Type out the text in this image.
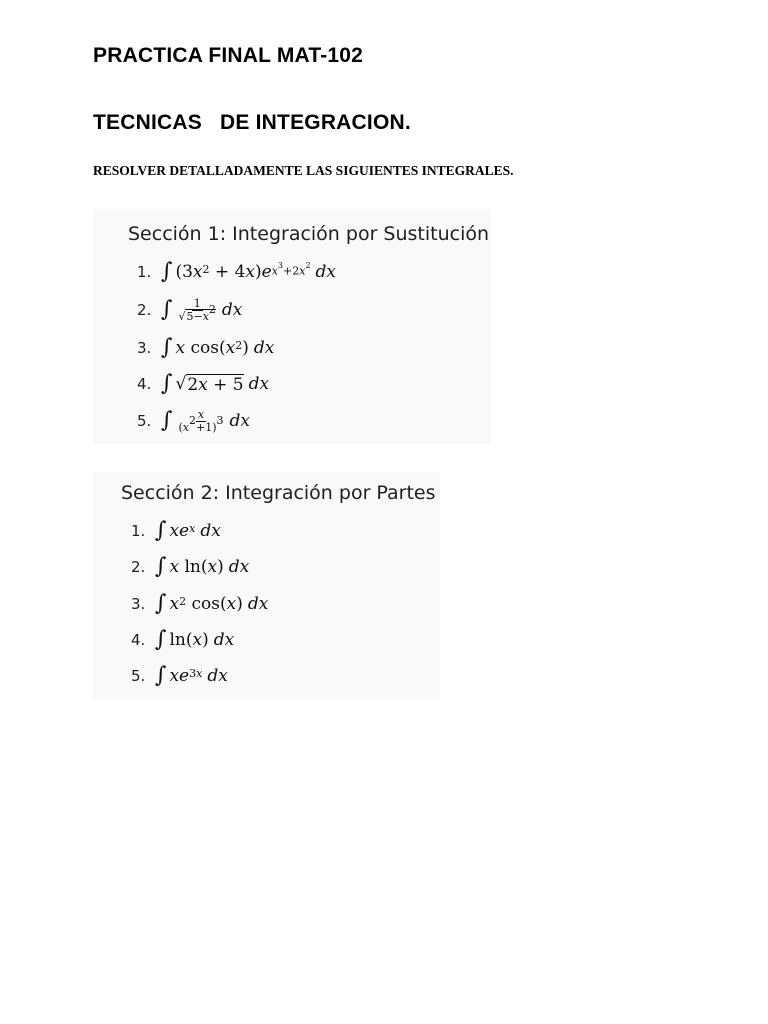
PRACTICA FINAL MAT-102
TECNICAS   DE INTEGRACION.

RESOLVER DETALLADAMENTE LAS SIGUIENTES INTEGRALES.

Sección 1: Integración por Sustitución
1. ∫ (3 $x^2 + 4$ x ) e $^{x^3+2x^2}$ dx
2. ∫ $\frac{1}{√5-x^2}$ dx
3. ∫ x cos( $x^2$ ) dx
4. ∫ √ 2x + 5 dx
5. ∫ $\frac{x}{(x^2+1)^3}$ dx
Sección 2: Integración por Partes
1. ∫ xe $^x$ dx
2. ∫ x ln( x ) dx
3. ∫ $x^2$ cos( x ) dx
4. ∫ ln( x ) dx
5. ∫ $xe^{3x}$ dx
